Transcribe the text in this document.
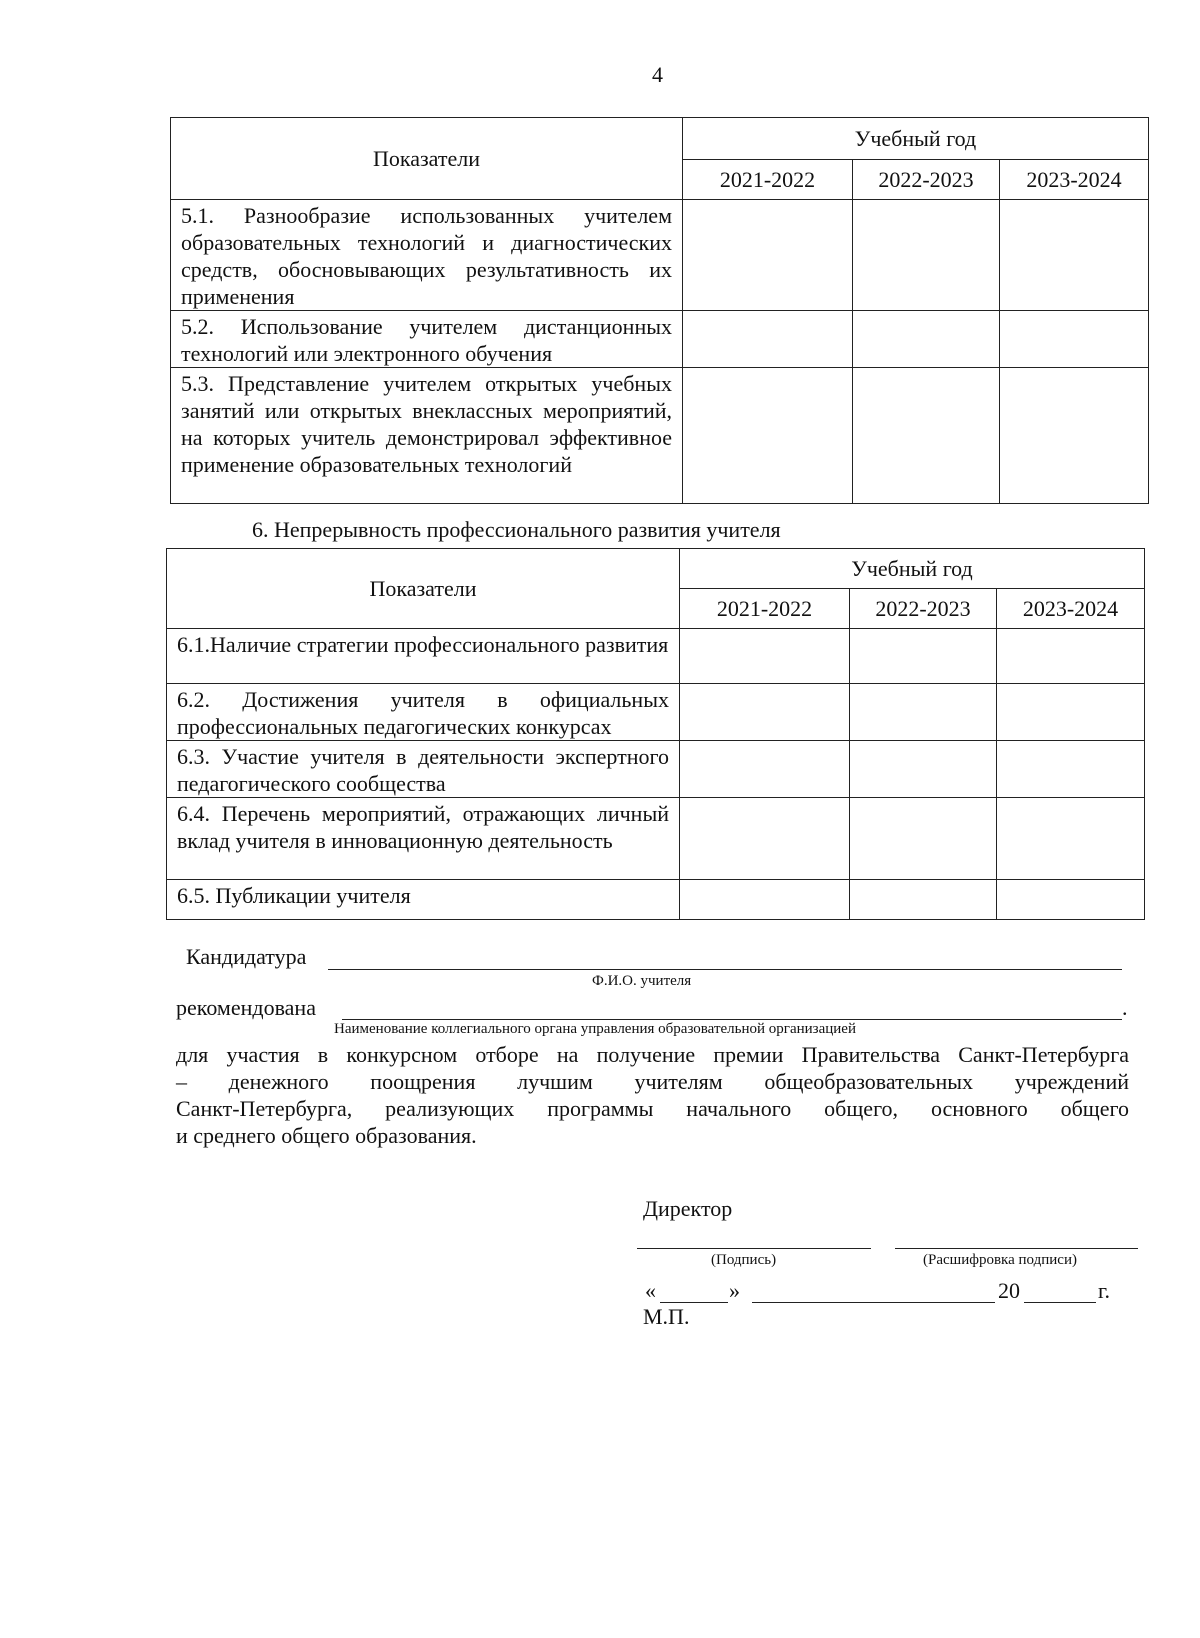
4
Показатели	Учебный год		
	2021-2022	2022-2023	2023-2024
5.1. Разнообразие использованных учителем образовательных технологий и диагностических средств, обосновывающих результативность их применения			
5.2. Использование учителем дистанционных технологий или электронного обучения			
5.3. Представление учителем открытых учебных занятий или открытых внеклассных мероприятий, на которых учитель демонстрировал эффективное применение образовательных технологий			
6. Непрерывность профессионального развития учителя
Показатели	Учебный год		
	2021-2022	2022-2023	2023-2024
6.1.Наличие стратегии профессионального развития			
6.2. Достижения учителя в официальных профессиональных педагогических конкурсах			
6.3. Участие учителя в деятельности экспертного педагогического сообщества			
6.4. Перечень мероприятий, отражающих личный вклад учителя в инновационную деятельность			
6.5. Публикации учителя			
Кандидатура
Ф.И.О. учителя
рекомендована	.
Наименование коллегиального органа управления образовательной организацией
для участия в конкурсном отборе на получение премии Правительства Санкт-Петербурга
– денежного поощрения лучшим учителям общеобразовательных учреждений
Санкт-Петербурга, реализующих программы начального общего, основного общего
и среднего общего образования.
Директор
(Подпись)	(Расшифровка подписи)
«	»	20	г.
М.П.
